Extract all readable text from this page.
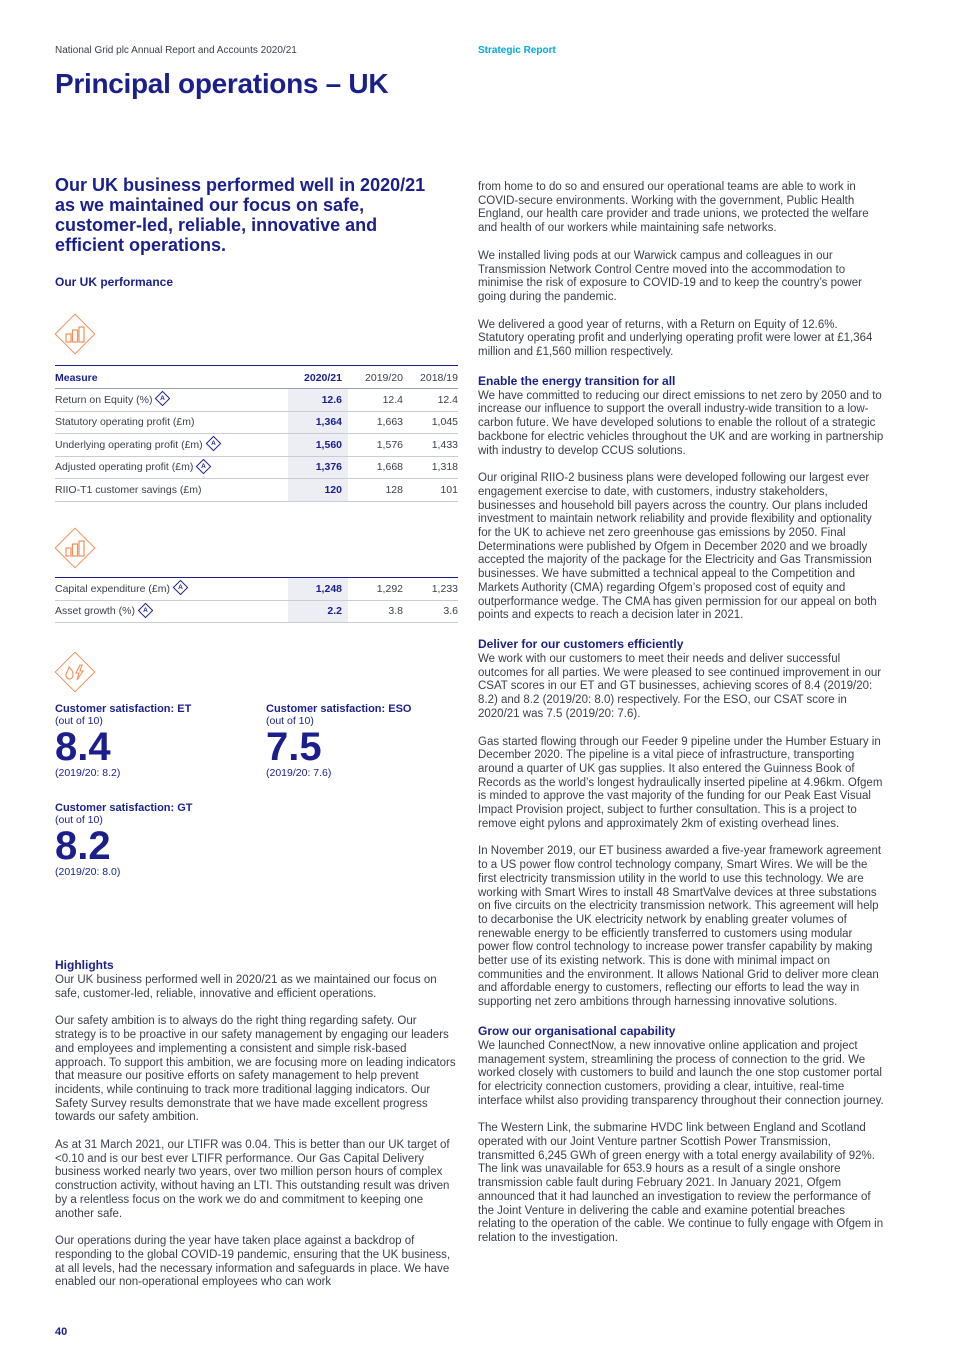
National Grid plc Annual Report and Accounts 2020/21	Strategic Report
Principal operations – UK
Our UK business performed well in 2020/21 as we maintained our focus on safe, customer-led, reliable, innovative and efficient operations.
Our UK performance
Measure	2020/21	2019/20	2018/19
Return on Equity (%) A	12.6	12.4	12.4
Statutory operating profit (£m)	1,364	1,663	1,045
Underlying operating profit (£m) A	1,560	1,576	1,433
Adjusted operating profit (£m) A	1,376	1,668	1,318
RIIO-T1 customer savings (£m)	120	128	101
Capital expenditure (£m) A	1,248	1,292	1,233
Asset growth (%) A	2.2	3.8	3.6
Customer satisfaction: ET
(out of 10)
8.4
(2019/20: 8.2)
Customer satisfaction: ESO
(out of 10)
7.5
(2019/20: 7.6)
Customer satisfaction: GT
(out of 10)
8.2
(2019/20: 8.0)
Highlights

Our UK business performed well in 2020/21 as we maintained our focus on safe, customer-led, reliable, innovative and efficient operations.

Our safety ambition is to always do the right thing regarding safety. Our strategy is to be proactive in our safety management by engaging our leaders and employees and implementing a consistent and simple risk-based approach. To support this ambition, we are focusing more on leading indicators that measure our positive efforts on safety management to help prevent incidents, while continuing to track more traditional lagging indicators. Our Safety Survey results demonstrate that we have made excellent progress towards our safety ambition.

As at 31 March 2021, our LTIFR was 0.04. This is better than our UK target of <0.10 and is our best ever LTIFR performance. Our Gas Capital Delivery business worked nearly two years, over two million person hours of complex construction activity, without having an LTI. This outstanding result was driven by a relentless focus on the work we do and commitment to keeping one another safe.

Our operations during the year have taken place against a backdrop of responding to the global COVID-19 pandemic, ensuring that the UK business, at all levels, had the necessary information and safeguards in place. We have enabled our non-operational employees who can work

from home to do so and ensured our operational teams are able to work in COVID-secure environments. Working with the government, Public Health England, our health care provider and trade unions, we protected the welfare and health of our workers while maintaining safe networks.

We installed living pods at our Warwick campus and colleagues in our Transmission Network Control Centre moved into the accommodation to minimise the risk of exposure to COVID-19 and to keep the country’s power going during the pandemic.

We delivered a good year of returns, with a Return on Equity of 12.6%. Statutory operating profit and underlying operating profit were lower at £1,364 million and £1,560 million respectively.

Enable the energy transition for all

We have committed to reducing our direct emissions to net zero by 2050 and to increase our influence to support the overall industry-wide transition to a low-carbon future. We have developed solutions to enable the rollout of a strategic backbone for electric vehicles throughout the UK and are working in partnership with industry to develop CCUS solutions.

Our original RIIO-2 business plans were developed following our largest ever engagement exercise to date, with customers, industry stakeholders, businesses and household bill payers across the country. Our plans included investment to maintain network reliability and provide flexibility and optionality for the UK to achieve net zero greenhouse gas emissions by 2050. Final Determinations were published by Ofgem in December 2020 and we broadly accepted the majority of the package for the Electricity and Gas Transmission businesses. We have submitted a technical appeal to the Competition and Markets Authority (CMA) regarding Ofgem’s proposed cost of equity and outperformance wedge. The CMA has given permission for our appeal on both points and expects to reach a decision later in 2021.

Deliver for our customers efficiently

We work with our customers to meet their needs and deliver successful outcomes for all parties. We were pleased to see continued improvement in our CSAT scores in our ET and GT businesses, achieving scores of 8.4 (2019/20: 8.2) and 8.2 (2019/20: 8.0) respectively. For the ESO, our CSAT score in 2020/21 was 7.5 (2019/20: 7.6).

Gas started flowing through our Feeder 9 pipeline under the Humber Estuary in December 2020. The pipeline is a vital piece of infrastructure, transporting around a quarter of UK gas supplies. It also entered the Guinness Book of Records as the world’s longest hydraulically inserted pipeline at 4.96km. Ofgem is minded to approve the vast majority of the funding for our Peak East Visual Impact Provision project, subject to further consultation. This is a project to remove eight pylons and approximately 2km of existing overhead lines.

In November 2019, our ET business awarded a five-year framework agreement to a US power flow control technology company, Smart Wires. We will be the first electricity transmission utility in the world to use this technology. We are working with Smart Wires to install 48 SmartValve devices at three substations on five circuits on the electricity transmission network. This agreement will help to decarbonise the UK electricity network by enabling greater volumes of renewable energy to be efficiently transferred to customers using modular power flow control technology to increase power transfer capability by making better use of its existing network. This is done with minimal impact on communities and the environment. It allows National Grid to deliver more clean and affordable energy to customers, reflecting our efforts to lead the way in supporting net zero ambitions through harnessing innovative solutions.

Grow our organisational capability

We launched ConnectNow, a new innovative online application and project management system, streamlining the process of connection to the grid. We worked closely with customers to build and launch the one stop customer portal for electricity connection customers, providing a clear, intuitive, real-time interface whilst also providing transparency throughout their connection journey.

The Western Link, the submarine HVDC link between England and Scotland operated with our Joint Venture partner Scottish Power Transmission, transmitted 6,245 GWh of green energy with a total energy availability of 92%. The link was unavailable for 653.9 hours as a result of a single onshore transmission cable fault during February 2021. In January 2021, Ofgem announced that it had launched an investigation to review the performance of the Joint Venture in delivering the cable and examine potential breaches relating to the operation of the cable. We continue to fully engage with Ofgem in relation to the investigation.

40
